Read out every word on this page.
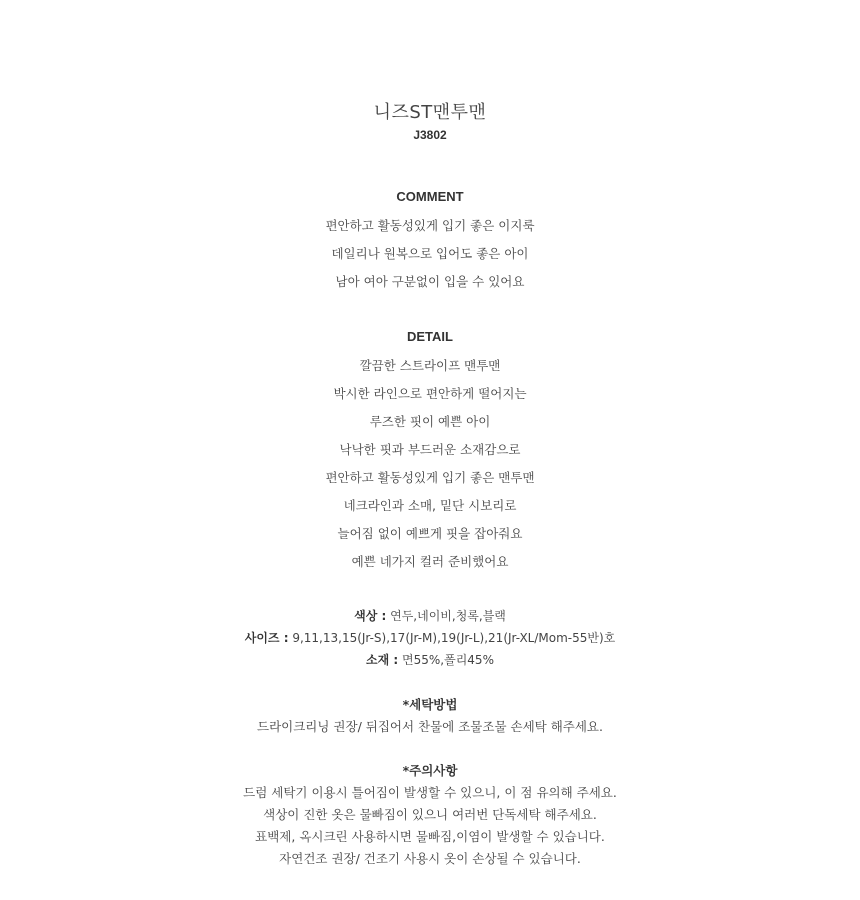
니즈ST맨투맨
J3802
COMMENT
편안하고 활동성있게 입기 좋은 이지룩
데일리나 원복으로 입어도 좋은 아이
남아 여아 구분없이 입을 수 있어요
DETAIL
깔끔한 스트라이프 맨투맨
박시한 라인으로 편안하게 떨어지는
루즈한 핏이 예쁜 아이
낙낙한 핏과 부드러운 소재감으로
편안하고 활동성있게 입기 좋은 맨투맨
네크라인과 소매, 밑단 시보리로
늘어짐 없이 예쁘게 핏을 잡아줘요
예쁜 네가지 컬러 준비했어요
색상 : 연두,네이비,청록,블랙
사이즈 : 9,11,13,15(Jr-S),17(Jr-M),19(Jr-L),21(Jr-XL/Mom-55반)호
소재 : 면55%,폴리45%
*세탁방법
드라이크리닝 권장/ 뒤집어서 찬물에 조물조물 손세탁 해주세요.
*주의사항
드럼 세탁기 이용시 틀어짐이 발생할 수 있으니, 이 점 유의해 주세요.
색상이 진한 옷은 물빠짐이 있으니 여러번 단독세탁 해주세요.
표백제, 옥시크린 사용하시면 물빠짐,이염이 발생할 수 있습니다.
자연건조 권장/ 건조기 사용시 옷이 손상될 수 있습니다.
